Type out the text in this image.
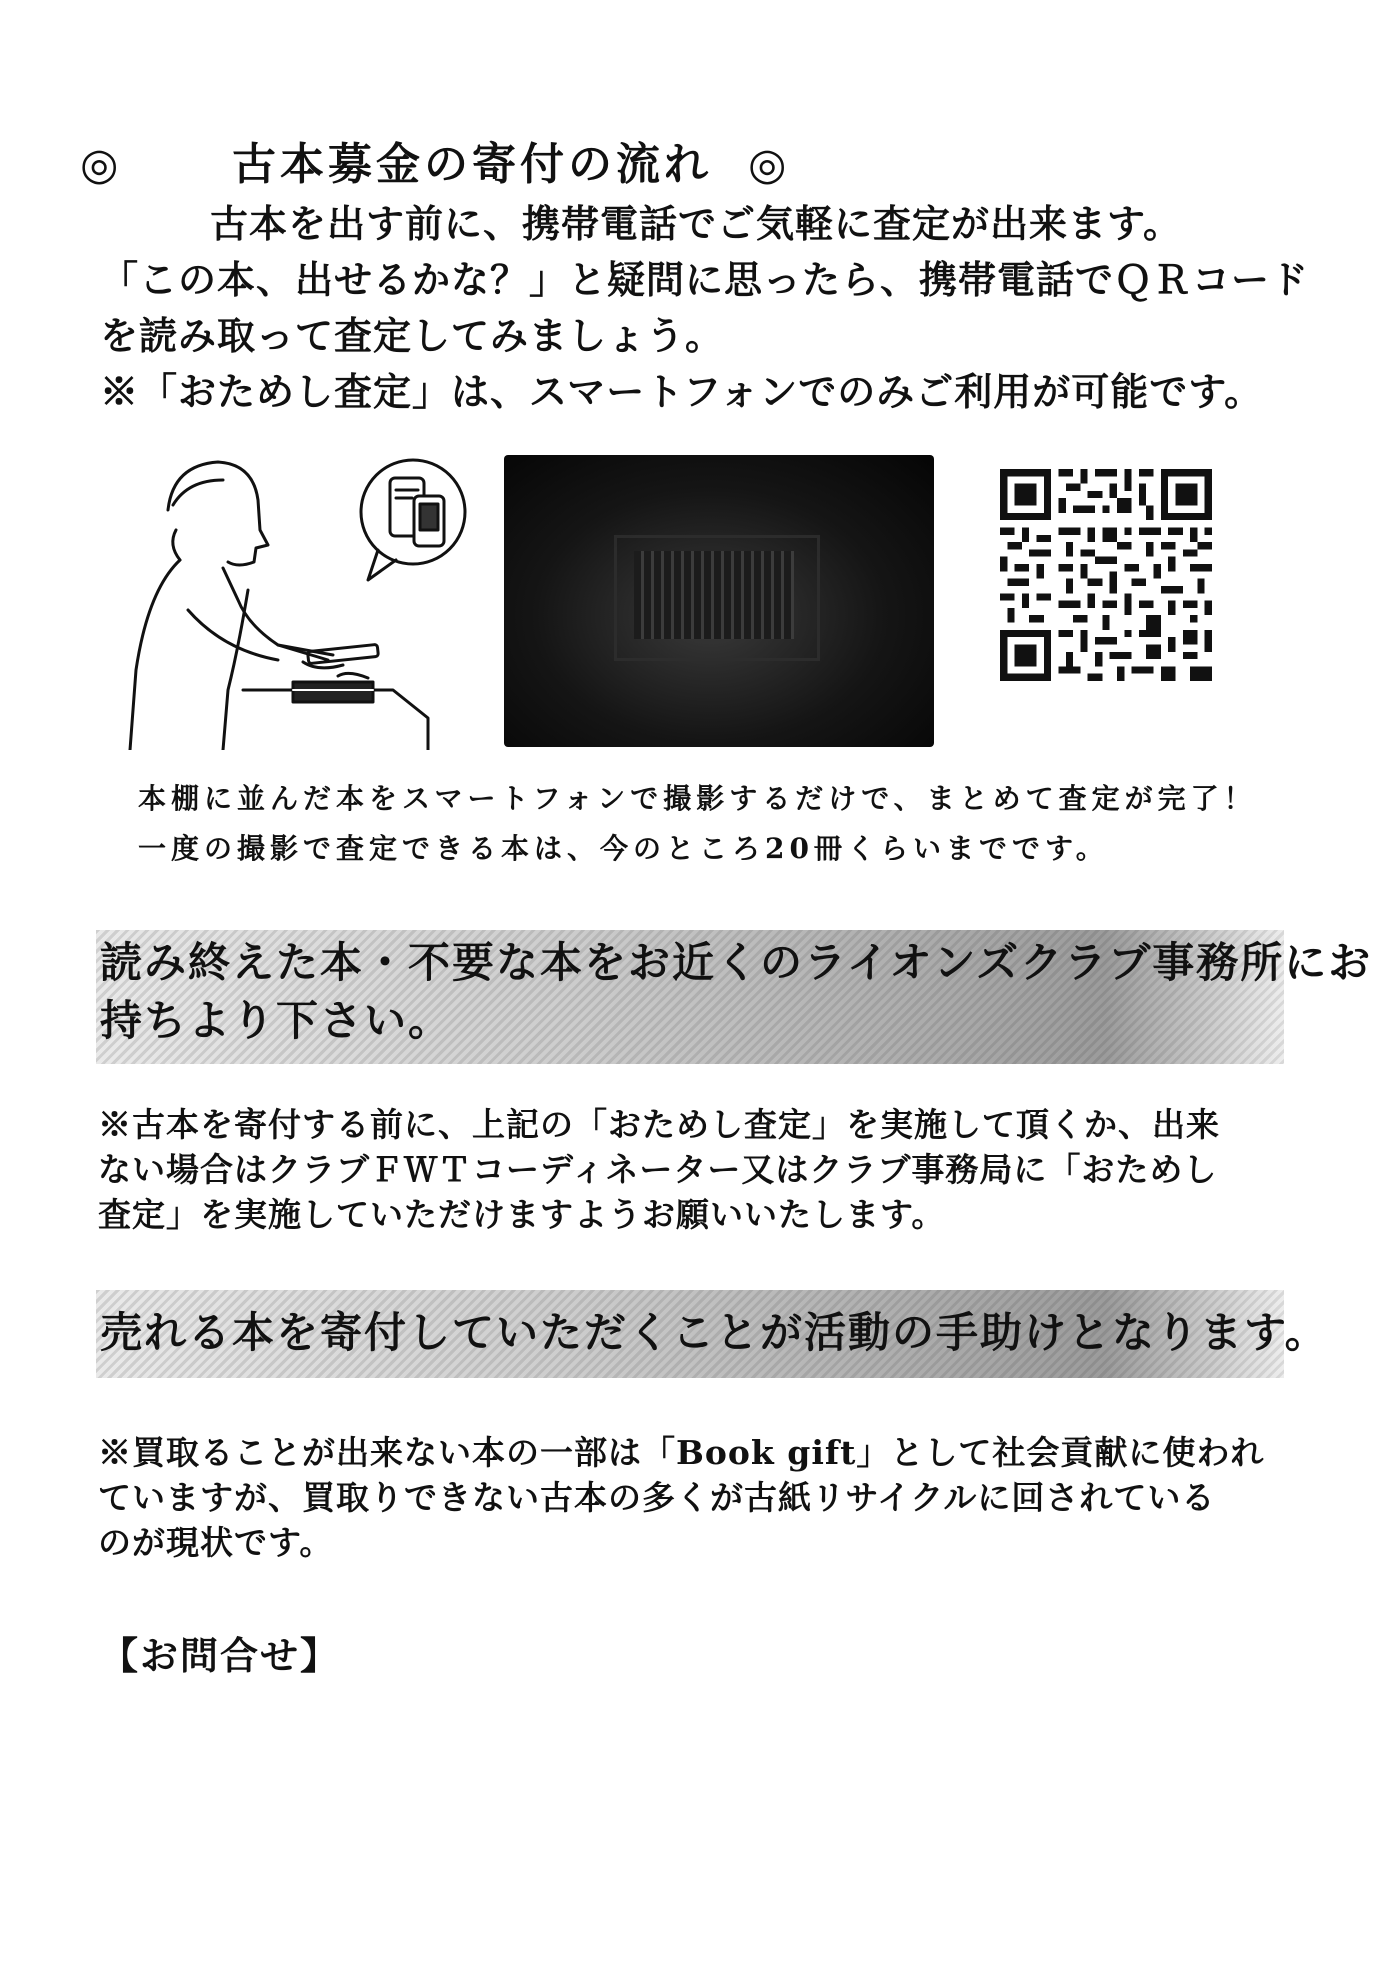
◎ 古本募金の寄付の流れ ◎

古本を出す前に、携帯電話でご気軽に査定が出来ます。

「この本、出せるかな？」と疑問に思ったら、携帯電話でＱＲコード

を読み取って査定してみましょう。

※「おためし査定」は、スマートフォンでのみご利用が可能です。

本棚に並んだ本をスマートフォンで撮影するだけで、まとめて査定が完了！

一度の撮影で査定できる本は、今のところ20冊くらいまでです。

読み終えた本・不要な本をお近くのライオンズクラブ事務所にお

持ちより下さい。

※古本を寄付する前に、上記の「おためし査定」を実施して頂くか、出来

ない場合はクラブＦＷＴコーディネーター又はクラブ事務局に「おためし

査定」を実施していただけますようお願いいたします。

売れる本を寄付していただくことが活動の手助けとなります。

※買取ることが出来ない本の一部は「Book gift」として社会貢献に使われ

ていますが、買取りできない古本の多くが古紙リサイクルに回されている

のが現状です。

【お問合せ】
